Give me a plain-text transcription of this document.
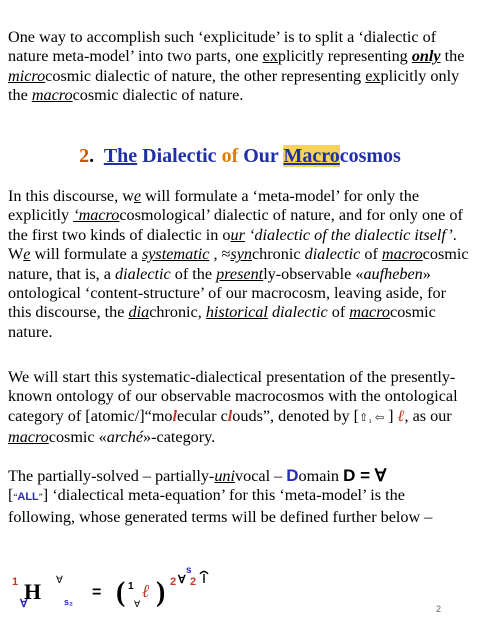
One way to accomplish such ‘explicitude’ is to split a ‘dialectic of nature meta-model’ into two parts, one explicitly representing only the microcosmic dialectic of nature, the other representing explicitly only the macrocosmic dialectic of nature.

2. The Dialectic of Our Macrocosmos

In this discourse, we will formulate a ‘meta-model’ for only the explicitly ‘macrocosmological’ dialectic of nature, and for only one of the first two kinds of dialectic in our ‘dialectic of the dialectic itself’. We will formulate a systematic , ≈synchronic dialectic of macrocosmic nature, that is, a dialectic of the presently-observable «aufheben» ontological ‘content-structure’ of our macrocosm, leaving aside, for this discourse, the diachronic, historical dialectic of macrocosmic nature.

We will start this systematic-dialectical presentation of the presently-known ontology of our observable macrocosmos with the ontological category of [atomic/]“molecular clouds”, denoted by [⇧₁ ⇦ ] ℓ, as our macrocosmic «arché»-category.

The partially-solved – partially-univocal – Domain D = ∀
[“ALL”] ‘dialectical meta-equation’ for this ‘meta-model’ is the following, whose generated terms will be defined further below –

1
∀
H ∀
s₂
= ( 1 ℓ
∀ ) 2 ∀
s
2
2
